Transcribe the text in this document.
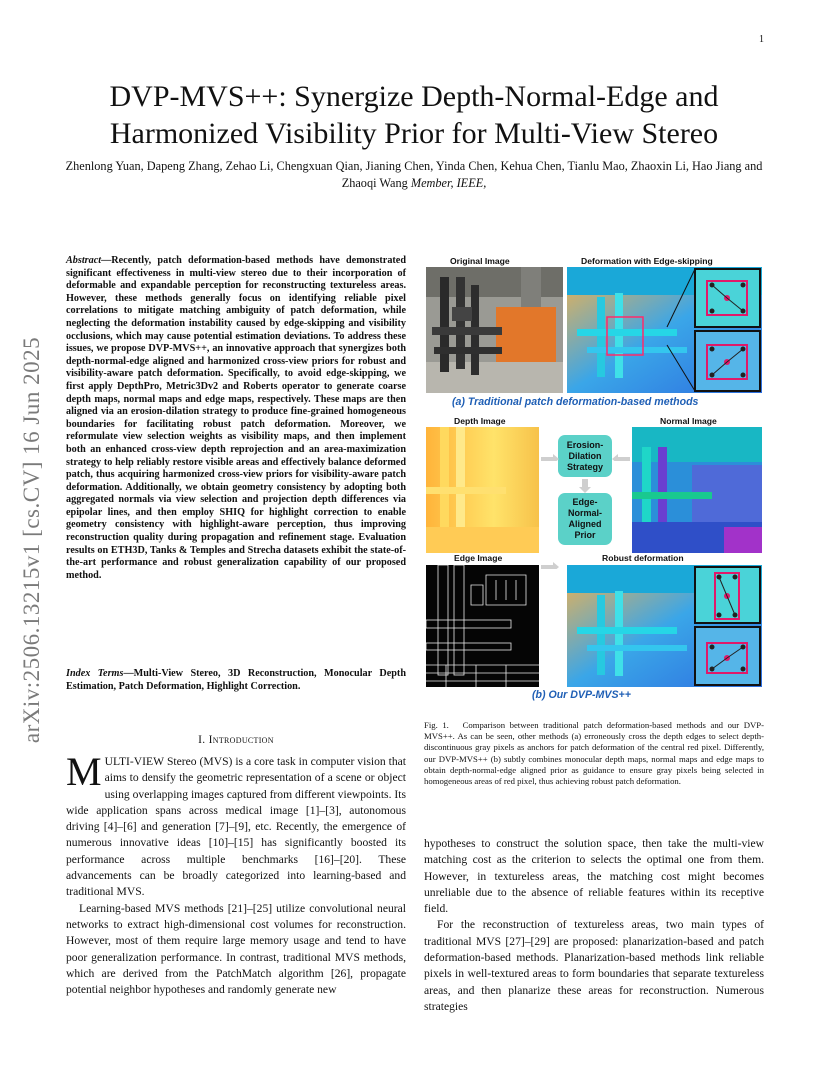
1
DVP-MVS++: Synergize Depth-Normal-Edge and Harmonized Visibility Prior for Multi-View Stereo
Zhenlong Yuan, Dapeng Zhang, Zehao Li, Chengxuan Qian, Jianing Chen, Yinda Chen, Kehua Chen, Tianlu Mao, Zhaoxin Li, Hao Jiang and Zhaoqi Wang Member, IEEE,
arXiv:2506.13215v1 [cs.CV] 16 Jun 2025
Abstract—Recently, patch deformation-based methods have demonstrated significant effectiveness in multi-view stereo due to their incorporation of deformable and expandable perception for reconstructing textureless areas. However, these methods generally focus on identifying reliable pixel correlations to mitigate matching ambiguity of patch deformation, while neglecting the deformation instability caused by edge-skipping and visibility occlusions, which may cause potential estimation deviations. To address these issues, we propose DVP-MVS++, an innovative approach that synergizes both depth-normal-edge aligned and harmonized cross-view priors for robust and visibility-aware patch deformation. Specifically, to avoid edge-skipping, we first apply DepthPro, Metric3Dv2 and Roberts operator to generate coarse depth maps, normal maps and edge maps, respectively. These maps are then aligned via an erosion-dilation strategy to produce fine-grained homogeneous boundaries for facilitating robust patch deformation. Moreover, we reformulate view selection weights as visibility maps, and then implement both an enhanced cross-view depth reprojection and an area-maximization strategy to help reliably restore visible areas and effectively balance deformed patch, thus acquiring harmonized cross-view priors for visibility-aware patch deformation. Additionally, we obtain geometry consistency by adopting both aggregated normals via view selection and projection depth differences via epipolar lines, and then employ SHIQ for highlight correction to enable geometry consistency with highlight-aware perception, thus improving reconstruction quality during propagation and refinement stage. Evaluation results on ETH3D, Tanks & Temples and Strecha datasets exhibit the state-of-the-art performance and robust generalization capability of our proposed method.
Index Terms—Multi-View Stereo, 3D Reconstruction, Monocular Depth Estimation, Patch Deformation, Highlight Correction.
I. Introduction

MULTI-VIEW Stereo (MVS) is a core task in computer vision that aims to densify the geometric representation of a scene or object using overlapping images captured from different viewpoints. Its wide application spans across medical image [1]–[3], autonomous driving [4]–[6] and generation [7]–[9], etc. Recently, the emergence of numerous innovative ideas [10]–[15] has significantly boosted its performance across multiple benchmarks [16]–[20]. These advancements can be broadly categorized into learning-based and traditional MVS.

Learning-based MVS methods [21]–[25] utilize convolutional neural networks to extract high-dimensional cost volumes for reconstruction. However, most of them require large memory usage and tend to have poor generalization performance. In contrast, traditional MVS methods, which are derived from the PatchMatch algorithm [26], propagate potential neighbor hypotheses and randomly generate new

Original Image	Deformation with Edge-skipping
(a) Traditional patch deformation-based methods
Depth Image	Normal Image
Erosion-Dilation Strategy
Edge-Normal-Aligned Prior
Edge Image	Robust deformation
(b) Our DVP-MVS++
Fig. 1. Comparison between traditional patch deformation-based methods and our DVP-MVS++. As can be seen, other methods (a) erroneously cross the depth edges to select depth-discontinuous gray pixels as anchors for patch deformation of the central red pixel. Differently, our DVP-MVS++ (b) subtly combines monocular depth maps, normal maps and edge maps to obtain depth-normal-edge aligned prior as guidance to ensure gray pixels being selected in homogeneous areas of red pixel, thus achieving robust patch deformation.

hypotheses to construct the solution space, then take the multi-view matching cost as the criterion to selects the optimal one from them. However, in textureless areas, the matching cost might becomes unreliable due to the absence of reliable features within its receptive field.

For the reconstruction of textureless areas, two main types of traditional MVS [27]–[29] are proposed: planarization-based and patch deformation-based methods. Planarization-based methods link reliable pixels in well-textured areas to form boundaries that separate textureless areas, and then planarize these areas for reconstruction. Numerous strategies
